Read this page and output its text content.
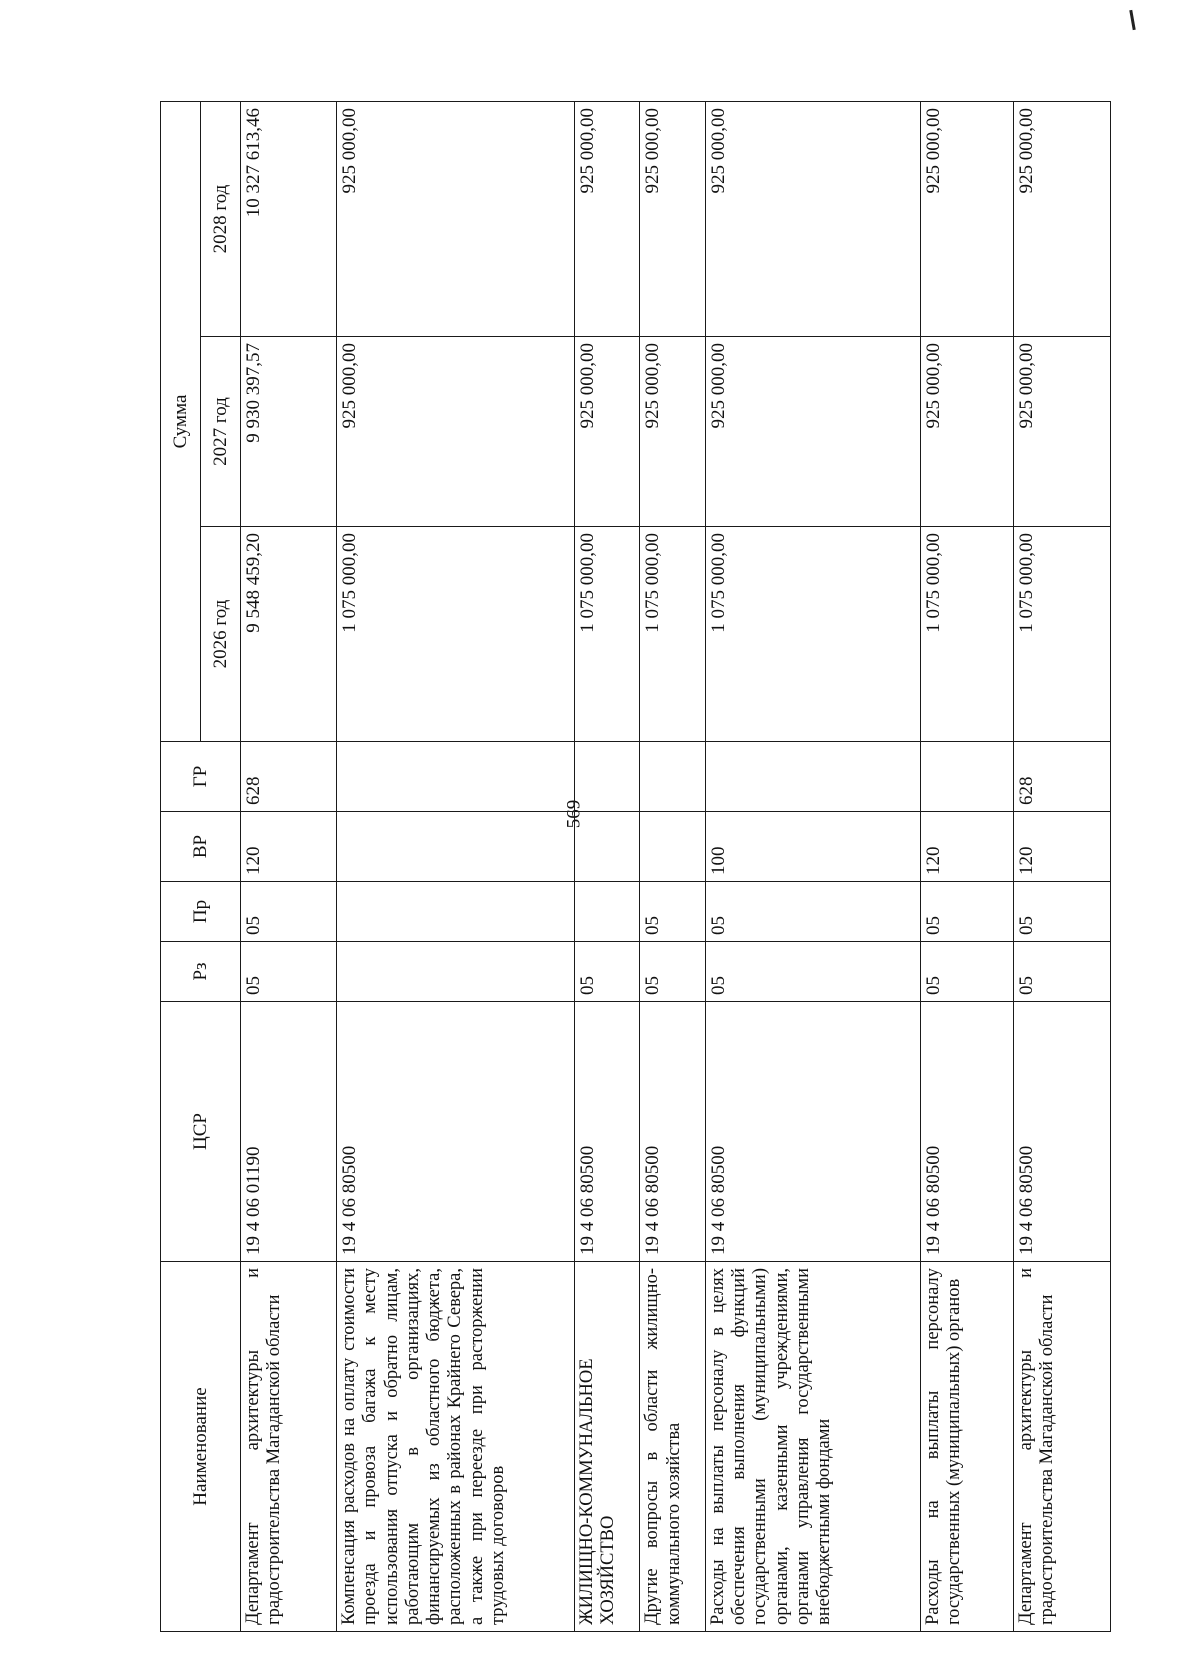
569
Наименование	ЦСР	Рз	Пр	ВР	ГР	Сумма		
						2026 год	2027 год	2028 год
Департамент архитектуры и градостроительства Магаданской области	19 4 06 01190	05	05	120	628	9 548 459,20	9 930 397,57	10 327 613,46
Компенсация расходов на оплату стоимости проезда и провоза багажа к месту использования отпуска и обратно лицам, работающим в организациях, финансируемых из областного бюджета, расположенных в районах Крайнего Севера, а также при переезде при расторжении трудовых договоров	19 4 06 80500					1 075 000,00	925 000,00	925 000,00
ЖИЛИЩНО-КОММУНАЛЬНОЕ ХОЗЯЙСТВО	19 4 06 80500	05				1 075 000,00	925 000,00	925 000,00
Другие вопросы в области жилищно-коммунального хозяйства	19 4 06 80500	05	05			1 075 000,00	925 000,00	925 000,00
Расходы на выплаты персоналу в целях обеспечения выполнения функций государственными (муниципальными) органами, казенными учреждениями, органами управления государственными внебюджетными фондами	19 4 06 80500	05	05	100		1 075 000,00	925 000,00	925 000,00
Расходы на выплаты персоналу государственных (муниципальных) органов	19 4 06 80500	05	05	120		1 075 000,00	925 000,00	925 000,00
Департамент архитектуры и градостроительства Магаданской области	19 4 06 80500	05	05	120	628	1 075 000,00	925 000,00	925 000,00
